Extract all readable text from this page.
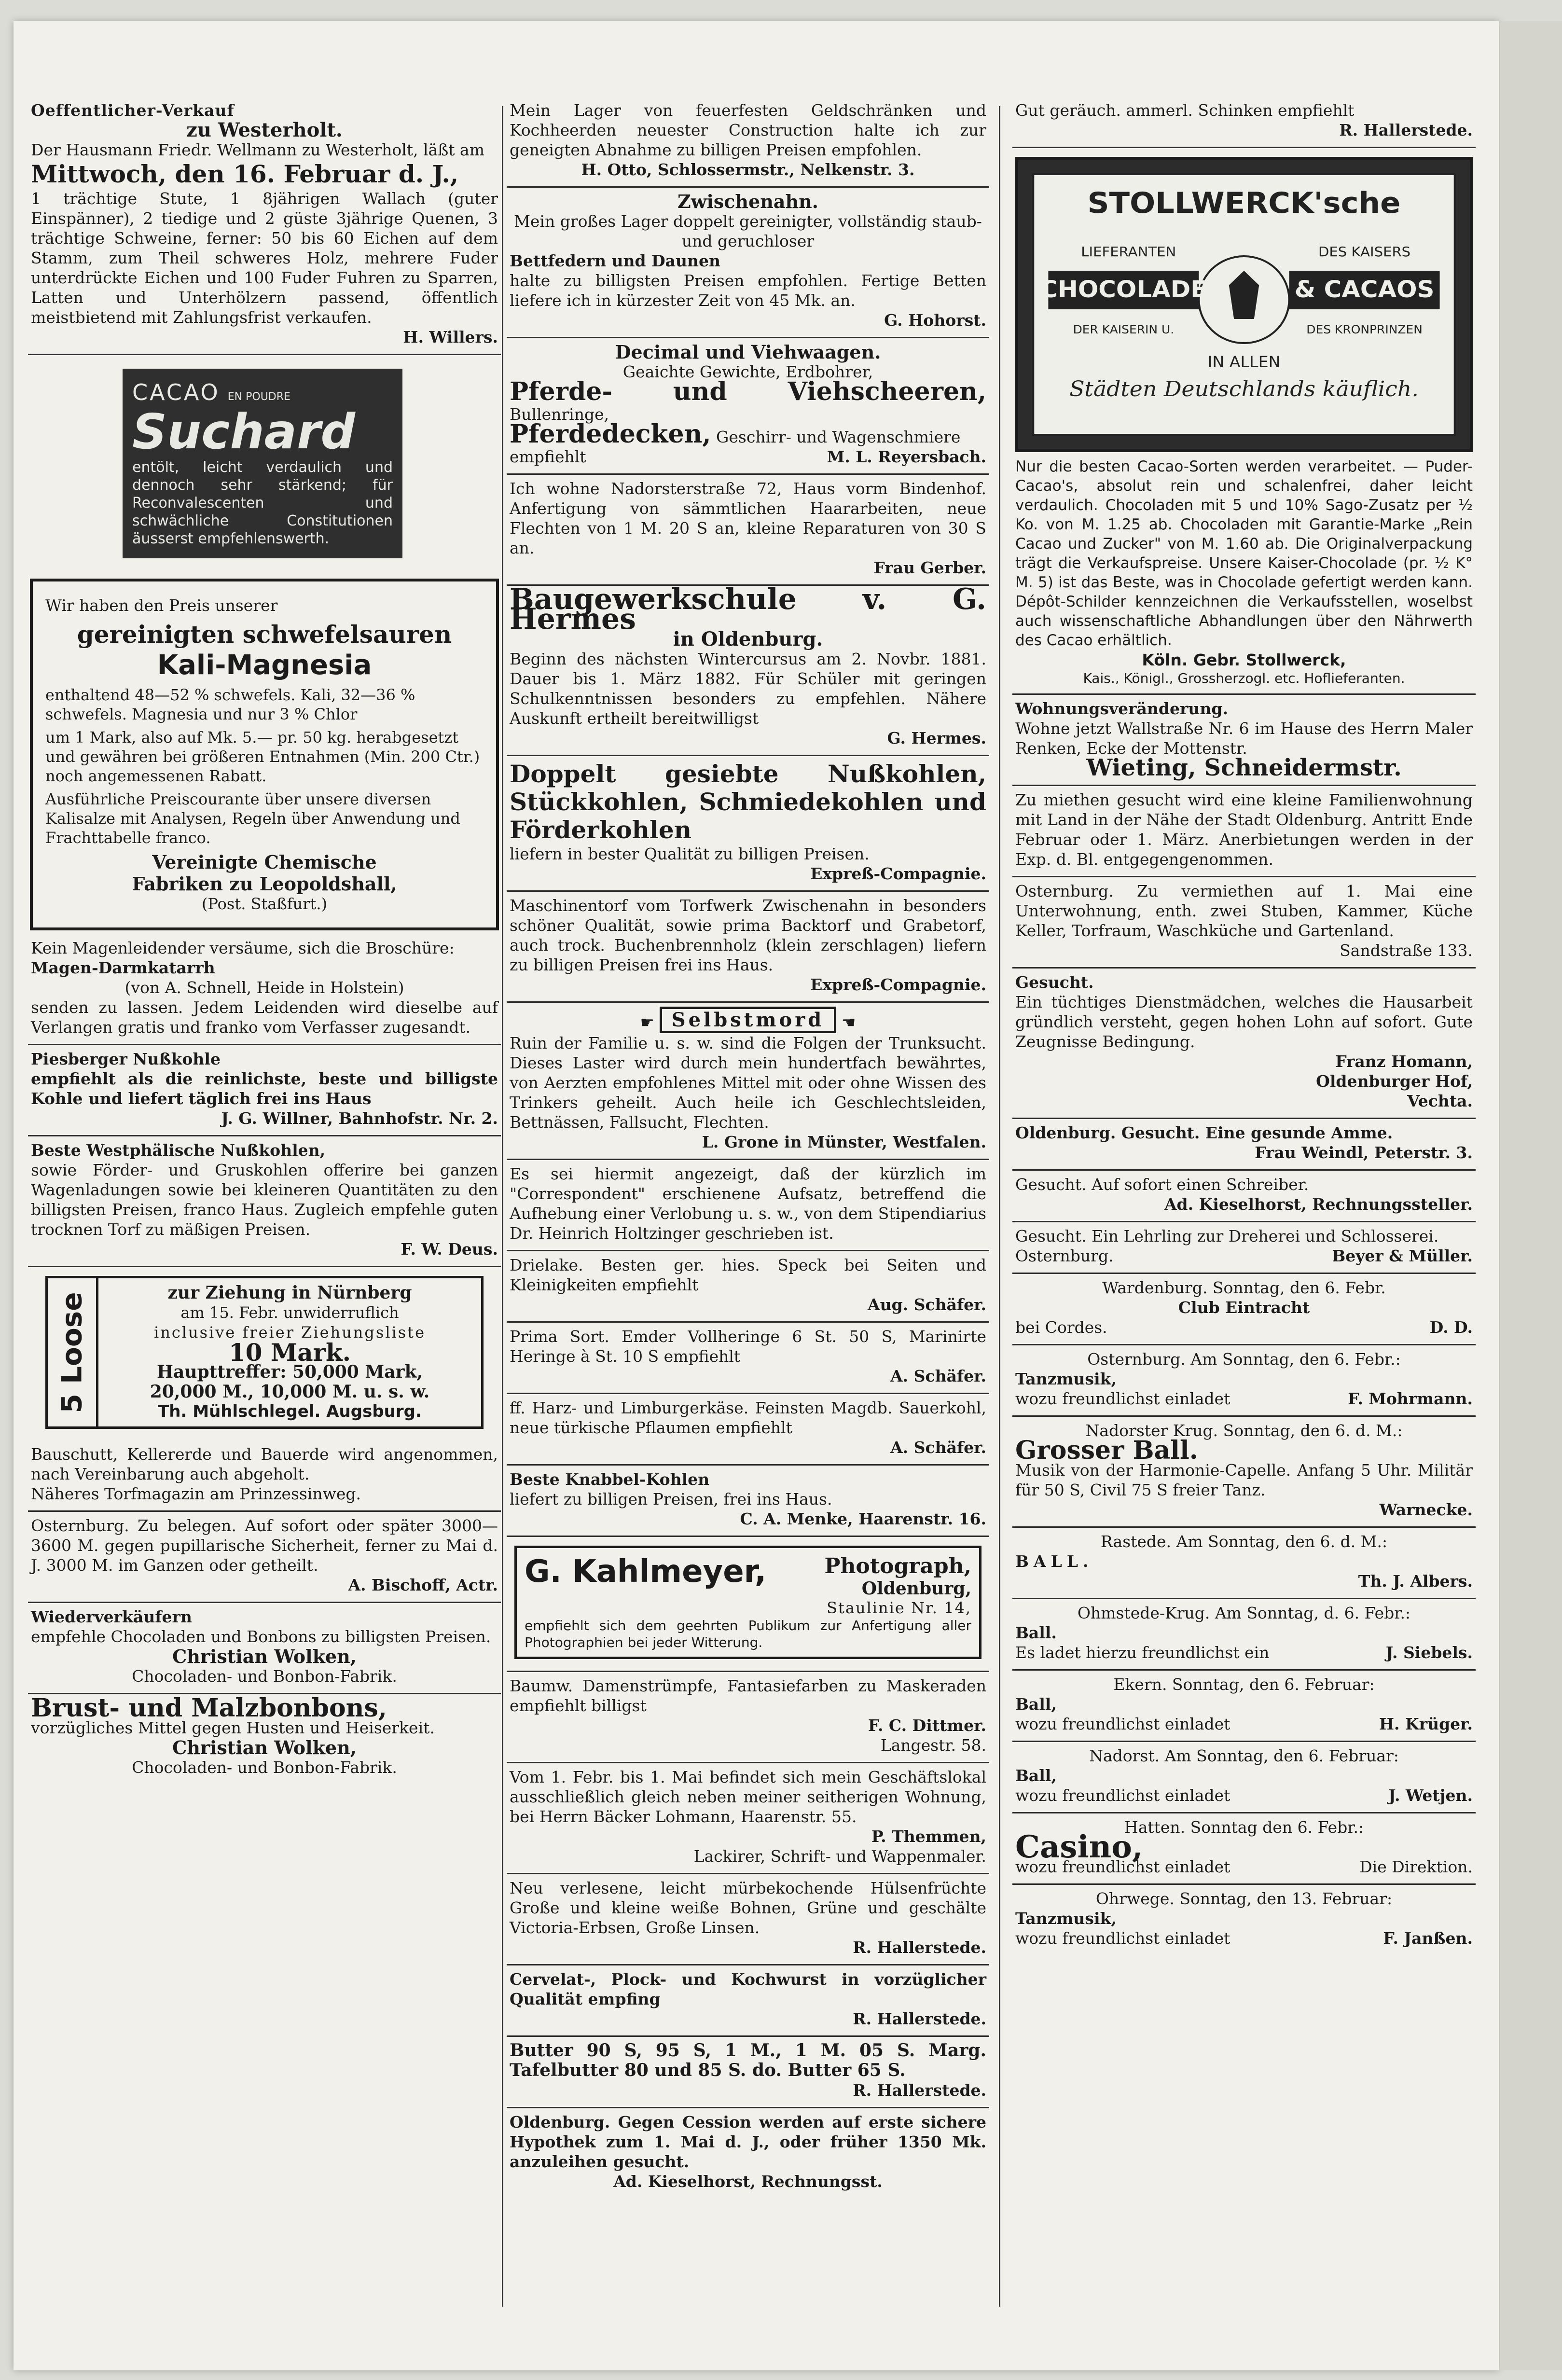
Oeffentlicher-Verkauf

zu Westerholt.

Der Hausmann Friedr. Wellmann zu Westerholt, läßt am

Mittwoch, den 16. Februar d. J.,

1 trächtige Stute, 1 8jährigen Wallach (guter Einspänner), 2 tiedige und 2 güste 3jährige Quenen, 3 trächtige Schweine, ferner: 50 bis 60 Eichen auf dem Stamm, zum Theil schweres Holz, mehrere Fuder unterdrückte Eichen und 100 Fuder Fuhren zu Sparren, Latten und Unterhölzern passend, öffentlich meistbietend mit Zahlungsfrist verkaufen.

H. Willers.

CACAO EN POUDRE
Suchard

entölt, leicht verdaulich und dennoch sehr stärkend; für Reconvalescenten und schwächliche Constitutionen äusserst empfehlenswerth.

Wir haben den Preis unserer

gereinigten schwefelsauren

Kali-Magnesia

enthaltend 48—52 % schwefels. Kali, 32—36 % schwefels. Magnesia und nur 3 % Chlor

um 1 Mark, also auf Mk. 5.— pr. 50 kg. herabgesetzt und gewähren bei größeren Entnahmen (Min. 200 Ctr.) noch angemessenen Rabatt.

Ausführliche Preiscourante über unsere diversen Kalisalze mit Analysen, Regeln über Anwendung und Frachttabelle franco.

Vereinigte Chemische

Fabriken zu Leopoldshall,

(Post. Staßfurt.)

Kein Magenleidender versäume, sich die Broschüre:

Magen-Darmkatarrh

(von A. Schnell, Heide in Holstein)

senden zu lassen. Jedem Leidenden wird dieselbe auf Verlangen gratis und franko vom Verfasser zugesandt.

Piesberger Nußkohle

empfiehlt als die reinlichste, beste und billigste Kohle und liefert täglich frei ins Haus

J. G. Willner, Bahnhofstr. Nr. 2.

Beste Westphälische Nußkohlen,

sowie Förder- und Gruskohlen offerire bei ganzen Wagenladungen sowie bei kleineren Quantitäten zu den billigsten Preisen, franco Haus. Zugleich empfehle guten trocknen Torf zu mäßigen Preisen.

F. W. Deus.

5 Loose	zur Ziehung in Nürnberg

am 15. Febr. unwiderruflich

inclusive freier Ziehungsliste

10 Mark.

Haupttreffer: 50,000 Mark,

20,000 M., 10,000 M. u. s. w.

Th. Mühlschlegel. Augsburg.

Bauschutt, Kellererde und Bauerde wird angenommen, nach Vereinbarung auch abgeholt.

Näheres Torfmagazin am Prinzessinweg.

Osternburg. Zu belegen. Auf sofort oder später 3000—3600 M. gegen pupillarische Sicherheit, ferner zu Mai d. J. 3000 M. im Ganzen oder getheilt.

A. Bischoff, Actr.

Wiederverkäufern

empfehle Chocoladen und Bonbons zu billigsten Preisen.

Christian Wolken,

Chocoladen- und Bonbon-Fabrik.

Brust- und Malzbonbons,

vorzügliches Mittel gegen Husten und Heiserkeit.

Christian Wolken,

Chocoladen- und Bonbon-Fabrik.

Mein Lager von feuerfesten Geldschränken und Kochheerden neuester Construction halte ich zur geneigten Abnahme zu billigen Preisen empfohlen.

H. Otto, Schlossermstr., Nelkenstr. 3.

Zwischenahn.

Mein großes Lager doppelt gereinigter, vollständig staub- und geruchloser

Bettfedern und Daunen

halte zu billigsten Preisen empfohlen. Fertige Betten liefere ich in kürzester Zeit von 45 Mk. an.

G. Hohorst.

Decimal und Viehwaagen.

Geaichte Gewichte, Erdbohrer,

Pferde- und Viehscheeren, Bullenringe,

Pferdedecken, Geschirr- und Wagenschmiere

empfiehlt	M. L. Reyersbach.

Ich wohne Nadorsterstraße 72, Haus vorm Bindenhof. Anfertigung von sämmtlichen Haararbeiten, neue Flechten von 1 M. 20 S an, kleine Reparaturen von 30 S an.

Frau Gerber.

Baugewerkschule v. G. Hermes

in Oldenburg.

Beginn des nächsten Wintercursus am 2. Novbr. 1881. Dauer bis 1. März 1882. Für Schüler mit geringen Schulkenntnissen besonders zu empfehlen. Nähere Auskunft ertheilt bereitwilligst

G. Hermes.

Doppelt gesiebte Nußkohlen, Stückkohlen, Schmiedekohlen und Förderkohlen

liefern in bester Qualität zu billigen Preisen.

Expreß-Compagnie.

Maschinentorf vom Torfwerk Zwischenahn in besonders schöner Qualität, sowie prima Backtorf und Grabetorf, auch trock. Buchenbrennholz (klein zerschlagen) liefern zu billigen Preisen frei ins Haus.

Expreß-Compagnie.

☛ Selbstmord ☚

Ruin der Familie u. s. w. sind die Folgen der Trunksucht. Dieses Laster wird durch mein hundertfach bewährtes, von Aerzten empfohlenes Mittel mit oder ohne Wissen des Trinkers geheilt. Auch heile ich Geschlechtsleiden, Bettnässen, Fallsucht, Flechten.

L. Grone in Münster, Westfalen.

Es sei hiermit angezeigt, daß der kürzlich im "Correspondent" erschienene Aufsatz, betreffend die Aufhebung einer Verlobung u. s. w., von dem Stipendiarius Dr. Heinrich Holtzinger geschrieben ist.

Drielake. Besten ger. hies. Speck bei Seiten und Kleinigkeiten empfiehlt

Aug. Schäfer.

Prima Sort. Emder Vollheringe 6 St. 50 S, Marinirte Heringe à St. 10 S empfiehlt

A. Schäfer.

ff. Harz- und Limburgerkäse. Feinsten Magdb. Sauerkohl, neue türkische Pflaumen empfiehlt

A. Schäfer.

Beste Knabbel-Kohlen

liefert zu billigen Preisen, frei ins Haus.

C. A. Menke, Haarenstr. 16.

G. Kahlmeyer,	Photograph,
Oldenburg,
Staulinie Nr. 14,

empfiehlt sich dem geehrten Publikum zur Anfertigung aller Photographien bei jeder Witterung.

Baumw. Damenstrümpfe, Fantasiefarben zu Maskeraden empfiehlt billigst

F. C. Dittmer.

Langestr. 58.

Vom 1. Febr. bis 1. Mai befindet sich mein Geschäftslokal ausschließlich gleich neben meiner seitherigen Wohnung, bei Herrn Bäcker Lohmann, Haarenstr. 55.

P. Themmen,

Lackirer, Schrift- und Wappenmaler.

Neu verlesene, leicht mürbekochende Hülsenfrüchte Große und kleine weiße Bohnen, Grüne und geschälte Victoria-Erbsen, Große Linsen.

R. Hallerstede.

Cervelat-, Plock- und Kochwurst in vorzüglicher Qualität empfing

R. Hallerstede.

Butter 90 S, 95 S, 1 M., 1 M. 05 S. Marg. Tafelbutter 80 und 85 S. do. Butter 65 S.

R. Hallerstede.

Oldenburg. Gegen Cession werden auf erste sichere Hypothek zum 1. Mai d. J., oder früher 1350 Mk. anzuleihen gesucht.

Ad. Kieselhorst, Rechnungsst.

Gut geräuch. ammerl. Schinken empfiehlt

R. Hallerstede.

STOLLWERCK'sche
LIEFERANTEN	DES KAISERS
CHOCOLADE	& CACAOS
DER KAISERIN U.	DES KRONPRINZEN
IN ALLEN
Städten Deutschlands käuflich.

Nur die besten Cacao-Sorten werden verarbeitet. — Puder-Cacao's, absolut rein und schalenfrei, daher leicht verdaulich. Chocoladen mit 5 und 10% Sago-Zusatz per ½ Ko. von M. 1.25 ab. Chocoladen mit Garantie-Marke „Rein Cacao und Zucker" von M. 1.60 ab. Die Originalverpackung trägt die Verkaufspreise. Unsere Kaiser-Chocolade (pr. ½ K° M. 5) ist das Beste, was in Chocolade gefertigt werden kann. Dépôt-Schilder kennzeichnen die Verkaufsstellen, woselbst auch wissenschaftliche Abhandlungen über den Nährwerth des Cacao erhältlich.

Köln. Gebr. Stollwerck,

Kais., Königl., Grossherzogl. etc. Hoflieferanten.

Wohnungsveränderung.

Wohne jetzt Wallstraße Nr. 6 im Hause des Herrn Maler Renken, Ecke der Mottenstr.

Wieting, Schneidermstr.

Zu miethen gesucht wird eine kleine Familienwohnung mit Land in der Nähe der Stadt Oldenburg. Antritt Ende Februar oder 1. März. Anerbietungen werden in der Exp. d. Bl. entgegengenommen.

Osternburg. Zu vermiethen auf 1. Mai eine Unterwohnung, enth. zwei Stuben, Kammer, Küche Keller, Torfraum, Waschküche und Gartenland.

Sandstraße 133.

Gesucht.

Ein tüchtiges Dienstmädchen, welches die Hausarbeit gründlich versteht, gegen hohen Lohn auf sofort. Gute Zeugnisse Bedingung.

Franz Homann,

Oldenburger Hof,

Vechta.

Oldenburg. Gesucht. Eine gesunde Amme.

Frau Weindl, Peterstr. 3.

Gesucht. Auf sofort einen Schreiber.

Ad. Kieselhorst, Rechnungssteller.

Gesucht. Ein Lehrling zur Dreherei und Schlosserei.

Osternburg.	Beyer & Müller.

Wardenburg. Sonntag, den 6. Febr.

Club Eintracht

bei Cordes.	D. D.

Osternburg. Am Sonntag, den 6. Febr.:

Tanzmusik,

wozu freundlichst einladet	F. Mohrmann.

Nadorster Krug. Sonntag, den 6. d. M.:

Grosser Ball.

Musik von der Harmonie-Capelle. Anfang 5 Uhr. Militär für 50 S, Civil 75 S freier Tanz.

Warnecke.

Rastede. Am Sonntag, den 6. d. M.:

BALL.

Th. J. Albers.

Ohmstede-Krug. Am Sonntag, d. 6. Febr.:

Ball.

Es ladet hierzu freundlichst ein	J. Siebels.

Ekern. Sonntag, den 6. Februar:

Ball,

wozu freundlichst einladet	H. Krüger.

Nadorst. Am Sonntag, den 6. Februar:

Ball,

wozu freundlichst einladet	J. Wetjen.

Hatten. Sonntag den 6. Febr.:

Casino,

wozu freundlichst einladet	Die Direktion.

Ohrwege. Sonntag, den 13. Februar:

Tanzmusik,

wozu freundlichst einladet	F. Janßen.
